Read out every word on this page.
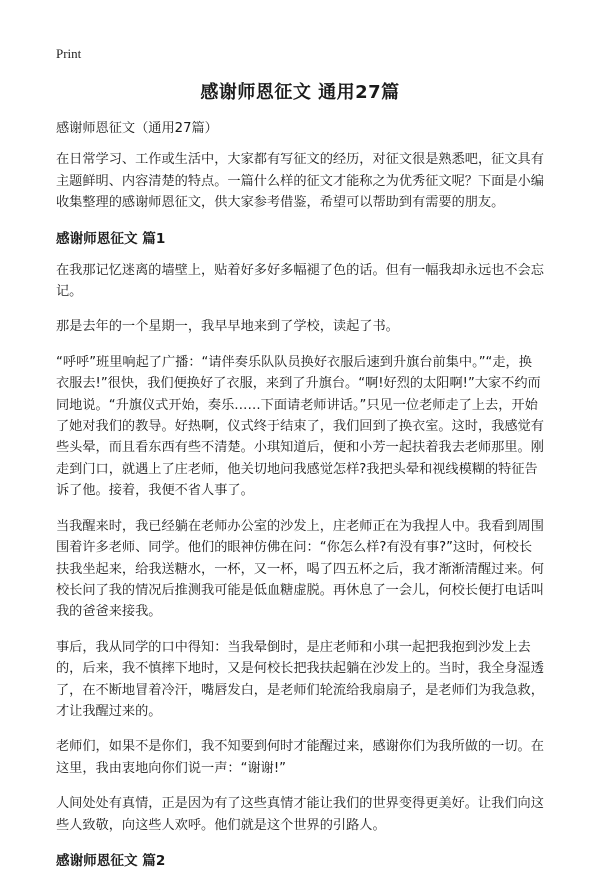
Print
感谢师恩征文 通用27篇

感谢师恩征文（通用27篇）

在日常学习、工作或生活中，大家都有写征文的经历，对征文很是熟悉吧，征文具有主题鲜明、内容清楚的特点。一篇什么样的征文才能称之为优秀征文呢？下面是小编收集整理的感谢师恩征文，供大家参考借鉴，希望可以帮助到有需要的朋友。

感谢师恩征文 篇1

在我那记忆迷离的墙壁上，贴着好多好多幅褪了色的话。但有一幅我却永远也不会忘记。

那是去年的一个星期一，我早早地来到了学校，读起了书。

“呼呼”班里响起了广播：“请伴奏乐队队员换好衣服后速到升旗台前集中。”“走，换衣服去!”很快，我们便换好了衣服，来到了升旗台。“啊!好烈的太阳啊!”大家不约而同地说。“升旗仪式开始，奏乐……下面请老师讲话。”只见一位老师走了上去，开始了她对我们的教导。好热啊，仪式终于结束了，我们回到了换衣室。这时，我感觉有些头晕，而且看东西有些不清楚。小琪知道后，便和小芳一起扶着我去老师那里。刚走到门口，就遇上了庄老师，他关切地问我感觉怎样?我把头晕和视线模糊的特征告诉了他。接着，我便不省人事了。

当我醒来时，我已经躺在老师办公室的沙发上，庄老师正在为我捏人中。我看到周围围着许多老师、同学。他们的眼神仿佛在问：“你怎么样?有没有事?”这时，何校长扶我坐起来，给我送糖水，一杯，又一杯，喝了四五杯之后，我才渐渐清醒过来。何校长问了我的情况后推测我可能是低血糖虚脱。再休息了一会儿，何校长便打电话叫我的爸爸来接我。

事后，我从同学的口中得知：当我晕倒时，是庄老师和小琪一起把我抱到沙发上去的，后来，我不慎摔下地时，又是何校长把我扶起躺在沙发上的。当时，我全身湿透了，在不断地冒着冷汗，嘴唇发白，是老师们轮流给我扇扇子，是老师们为我急救，才让我醒过来的。

老师们，如果不是你们，我不知要到何时才能醒过来，感谢你们为我所做的一切。在这里，我由衷地向你们说一声：“谢谢!”

人间处处有真情，正是因为有了这些真情才能让我们的世界变得更美好。让我们向这些人致敬，向这些人欢呼。他们就是这个世界的引路人。

感谢师恩征文 篇2
